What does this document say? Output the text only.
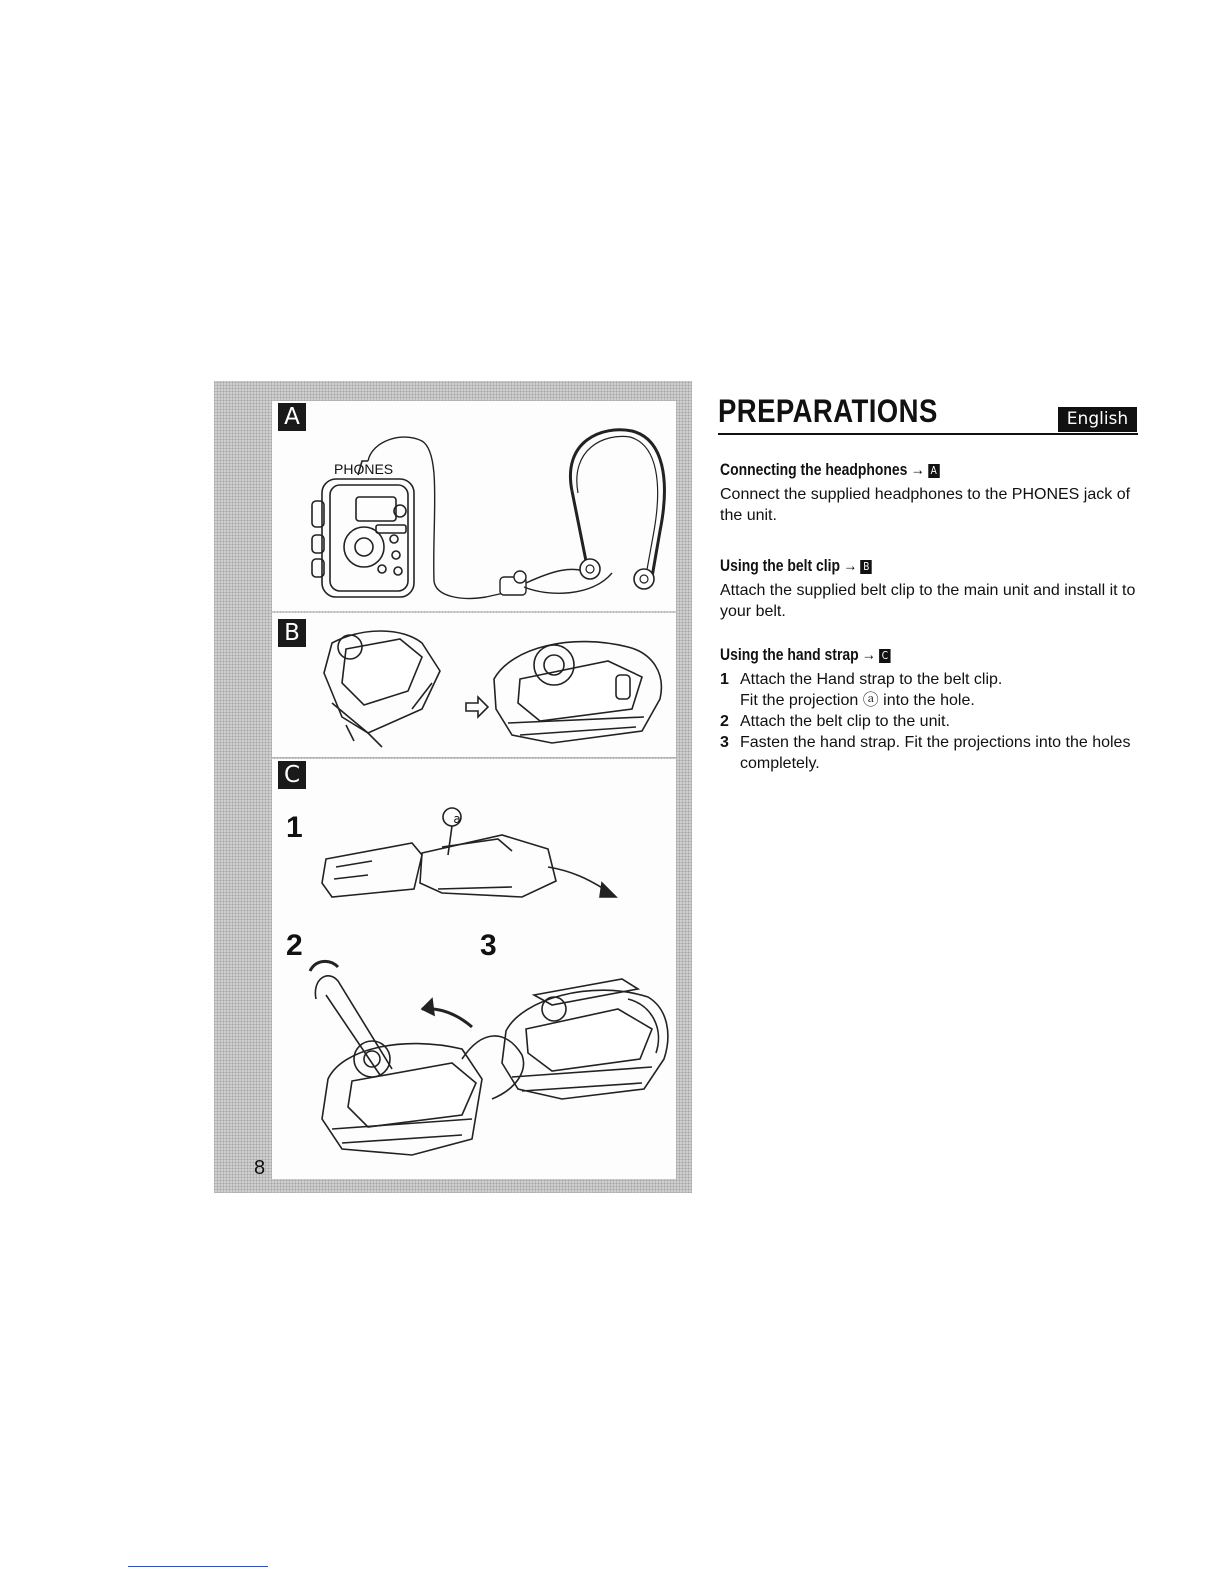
A
PHONES
B
C
1
2	3
8
PREPARATIONS	English
Connecting the headphones → A

Connect the supplied headphones to the PHONES jack of the unit.

Using the belt clip → B

Attach the supplied belt clip to the main unit and install it to your belt.

Using the hand strap → C
1 Attach the Hand strap to the belt clip.
Fit the projection ⓐ into the hole.
2 Attach the belt clip to the unit.
3 Fasten the hand strap. Fit the projections into the holes completely.
a
